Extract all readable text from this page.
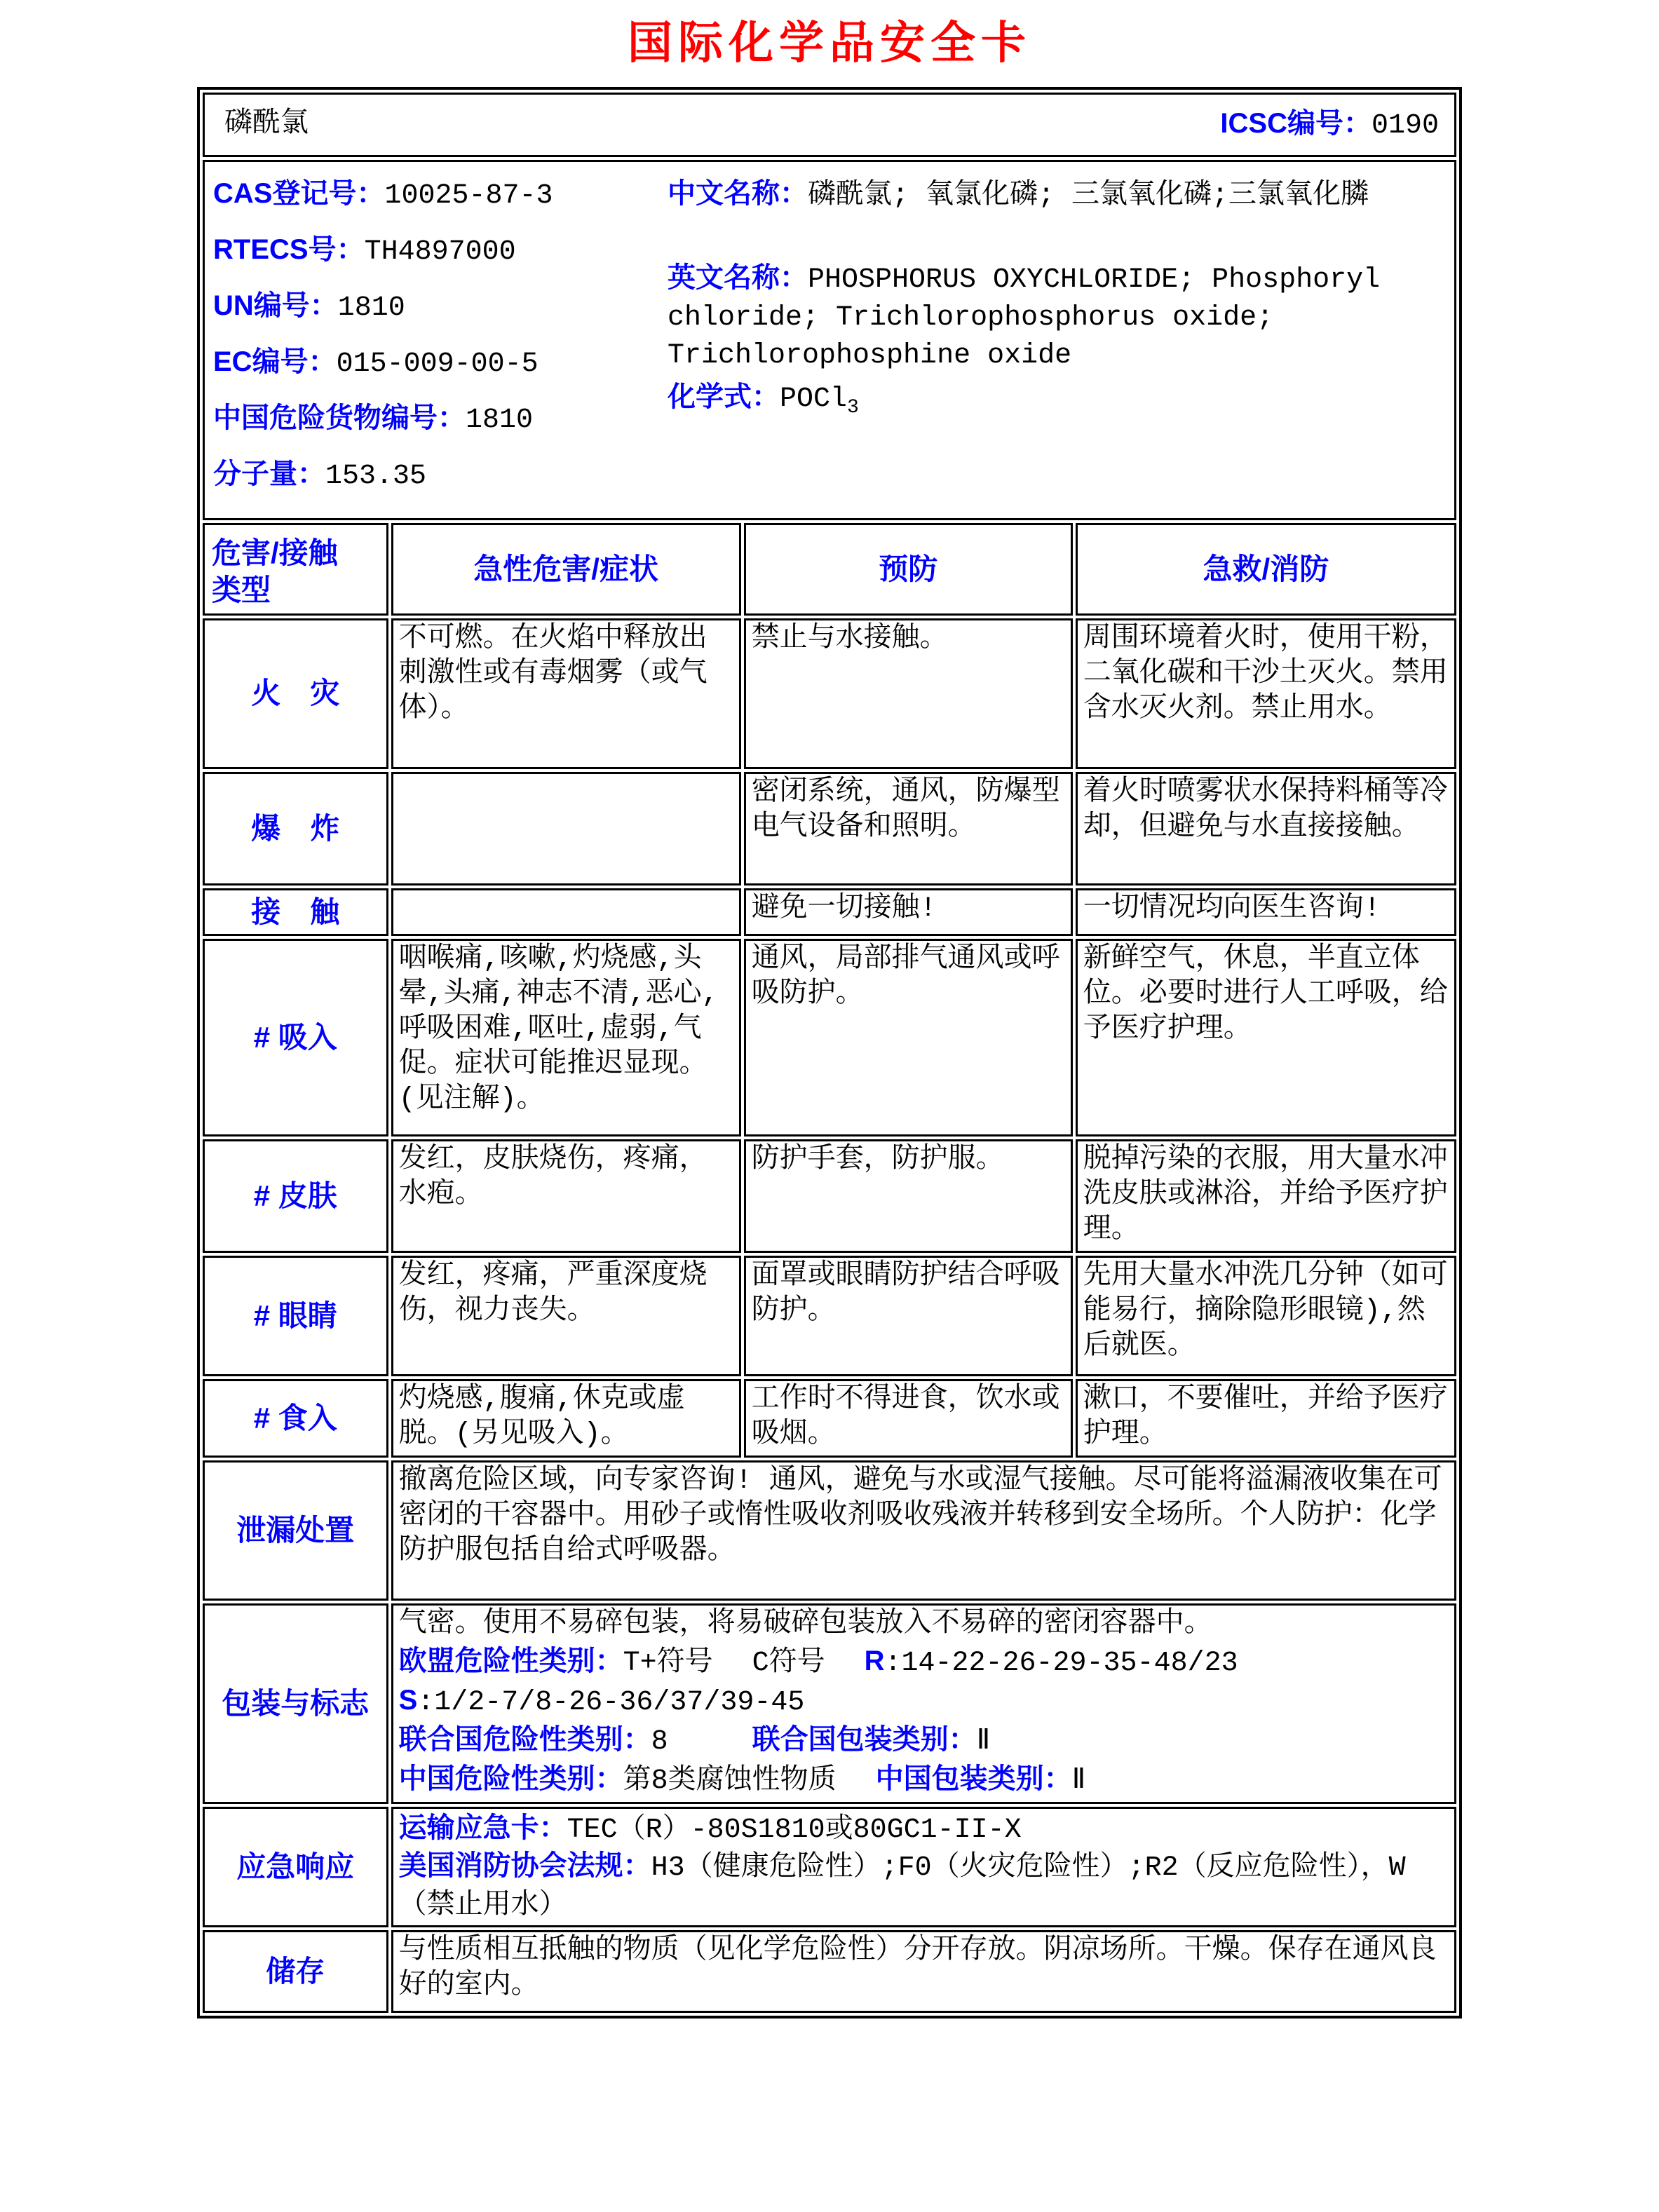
国际化学品安全卡
磷酰氯 ICSC编号：0190			

CAS登记号：10025-87-3
RTECS号：TH4897000
UN编号：1810
EC编号：015-009-00-5
中国危险货物编号：1810
分子量：153.35
中文名称：磷酰氯; 氧氯化磷; 三氯氧化磷;三氯氧化膦
英文名称：PHOSPHORUS OXYCHLORIDE; Phosphoryl chloride; Trichlorophosphorus oxide; Trichlorophosphine oxide
化学式：POCl$_3$

危害/接触
类型	急性危害/症状	预防	急救/消防
火　灾	不可燃。在火焰中释放出刺激性或有毒烟雾（或气体）。	禁止与水接触。	周围环境着火时，使用干粉，二氧化碳和干沙土灭火。禁用含水灭火剂。禁止用水。
爆　炸		密闭系统，通风，防爆型电气设备和照明。	着火时喷雾状水保持料桶等冷却，但避免与水直接接触。
接　触		避免一切接触!	一切情况均向医生咨询!
# 吸入	咽喉痛,咳嗽,灼烧感,头晕,头痛,神志不清,恶心,呼吸困难,呕吐,虚弱,气促。症状可能推迟显现。(见注解)。	通风，局部排气通风或呼吸防护。	新鲜空气，休息，半直立体位。必要时进行人工呼吸，给予医疗护理。
# 皮肤	发红，皮肤烧伤，疼痛，水疱。	防护手套，防护服。	脱掉污染的衣服，用大量水冲洗皮肤或淋浴，并给予医疗护理。
# 眼睛	发红，疼痛，严重深度烧伤，视力丧失。	面罩或眼睛防护结合呼吸防护。	先用大量水冲洗几分钟（如可能易行，摘除隐形眼镜),然后就医。
# 食入	灼烧感,腹痛,休克或虚脱。(另见吸入)。	工作时不得进食，饮水或吸烟。	漱口，不要催吐，并给予医疗护理。
泄漏处置	撤离危险区域，向专家咨询! 通风，避免与水或湿气接触。尽可能将溢漏液收集在可密闭的干容器中。用砂子或惰性吸收剂吸收残液并转移到安全场所。个人防护：化学防护服包括自给式呼吸器。		
包装与标志	气密。使用不易碎包装，将易破碎包装放入不易碎的密闭容器中。
欧盟危险性类别：T+符号 C符号 R:14-22-26-29-35-48/23
S:1/2-7/8-26-36/37/39-45
联合国危险性类别：8 联合国包装类别：Ⅱ
中国危险性类别：第8类腐蚀性物质 中国包装类别：Ⅱ		

应急响应	运输应急卡：TEC（R）-80S1810或80GC1-II-X
美国消防协会法规：H3（健康危险性）;F0（火灾危险性）;R2（反应危险性），W （禁止用水）		

储存	与性质相互抵触的物质（见化学危险性）分开存放。阴凉场所。干燥。保存在通风良好的室内。		
